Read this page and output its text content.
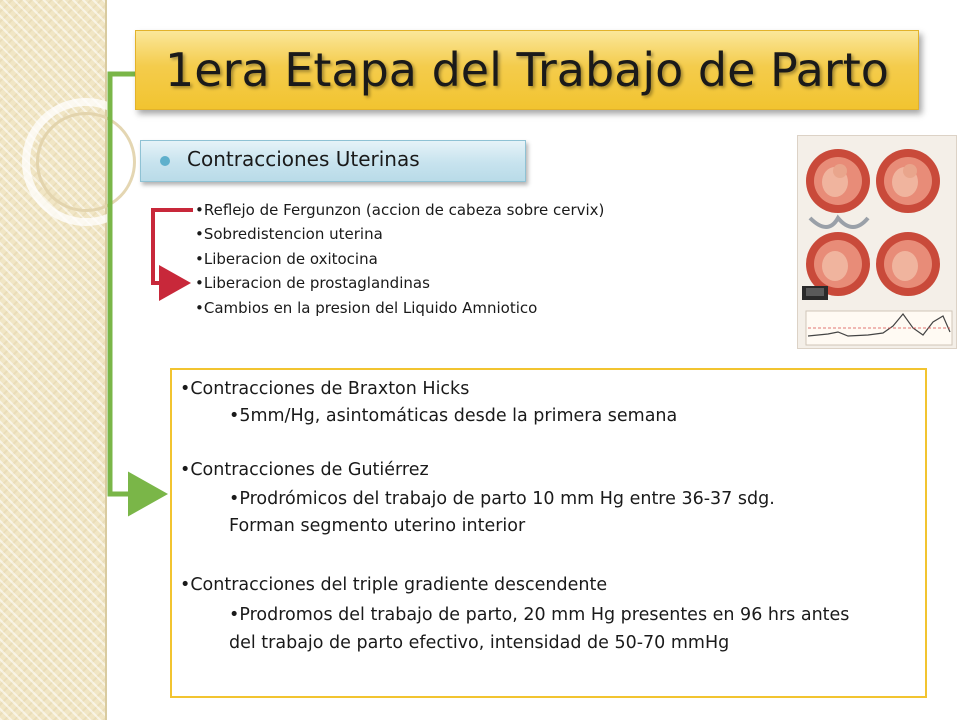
1era Etapa del Trabajo de Parto
Contracciones Uterinas
•Reflejo de Fergunzon (accion de cabeza sobre cervix)
•Sobredistencion uterina
•Liberacion de oxitocina
•Liberacion de prostaglandinas
•Cambios en la presion del Liquido Amniotico
•Contracciones de Braxton Hicks
•5mm/Hg, asintomáticas desde la primera semana
•Contracciones de Gutiérrez
•Prodrómicos del trabajo de parto 10 mm Hg entre 36-37 sdg.
Forman segmento uterino interior
•Contracciones del triple gradiente descendente
•Prodromos del trabajo de parto, 20 mm Hg presentes en 96 hrs antes
del trabajo de parto efectivo, intensidad de 50-70 mmHg
